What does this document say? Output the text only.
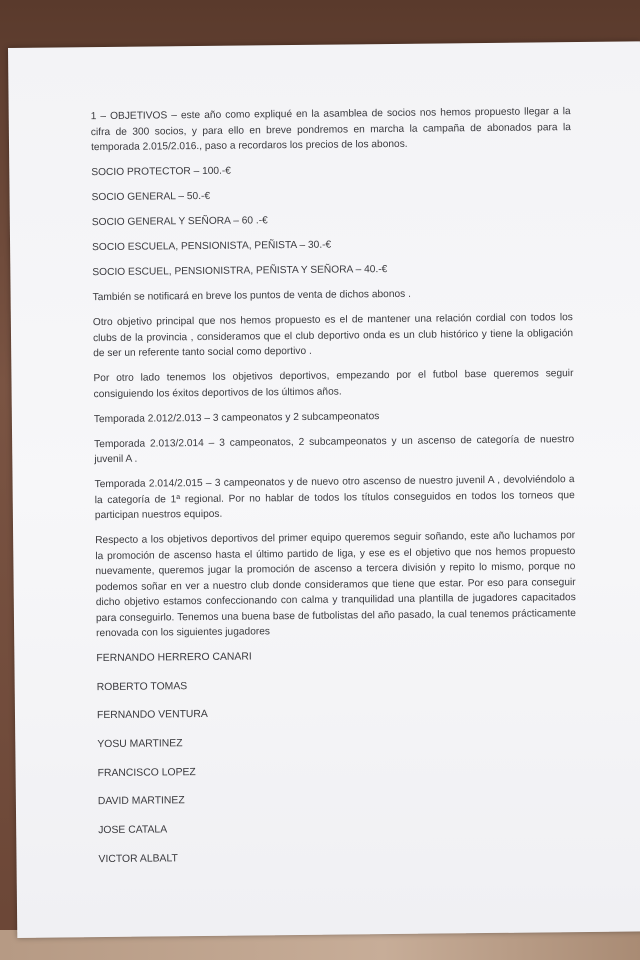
1 – OBJETIVOS – este año como expliqué en la asamblea de socios nos hemos propuesto llegar a la cifra de 300 socios, y para ello en breve pondremos en marcha la campaña de abonados para la temporada 2.015/2.016., paso a recordaros los precios de los abonos.

SOCIO PROTECTOR – 100.-€

SOCIO GENERAL – 50.-€

SOCIO GENERAL Y SEÑORA – 60 .-€

SOCIO ESCUELA, PENSIONISTA, PEÑISTA – 30.-€

SOCIO ESCUEL, PENSIONISTRA, PEÑISTA Y SEÑORA – 40.-€

También se notificará en breve los puntos de venta de dichos abonos .

Otro objetivo principal que nos hemos propuesto es el de mantener una relación cordial con todos los clubs de la provincia , consideramos que el club deportivo onda es un club histórico y tiene la obligación de ser un referente tanto social como deportivo .

Por otro lado tenemos los objetivos deportivos, empezando por el futbol base queremos seguir consiguiendo los éxitos deportivos de los últimos años.

Temporada 2.012/2.013 – 3 campeonatos y 2 subcampeonatos

Temporada 2.013/2.014 – 3 campeonatos, 2 subcampeonatos y un ascenso de categoría de nuestro juvenil A .

Temporada 2.014/2.015 – 3 campeonatos y de nuevo otro ascenso de nuestro juvenil A , devolviéndolo a la categoría de 1ª regional. Por no hablar de todos los títulos conseguidos en todos los torneos que participan nuestros equipos.

Respecto a los objetivos deportivos del primer equipo queremos seguir soñando, este año luchamos por la promoción de ascenso hasta el último partido de liga, y ese es el objetivo que nos hemos propuesto nuevamente, queremos jugar la promoción de ascenso a tercera división y repito lo mismo, porque no podemos soñar en ver a nuestro club donde consideramos que tiene que estar. Por eso para conseguir dicho objetivo estamos confeccionando con calma y tranquilidad una plantilla de jugadores capacitados para conseguirlo. Tenemos una buena base de futbolistas del año pasado, la cual tenemos prácticamente renovada con los siguientes jugadores

FERNANDO HERRERO CANARI

ROBERTO TOMAS

FERNANDO VENTURA

YOSU MARTINEZ

FRANCISCO LOPEZ

DAVID MARTINEZ

JOSE CATALA

VICTOR ALBALT
